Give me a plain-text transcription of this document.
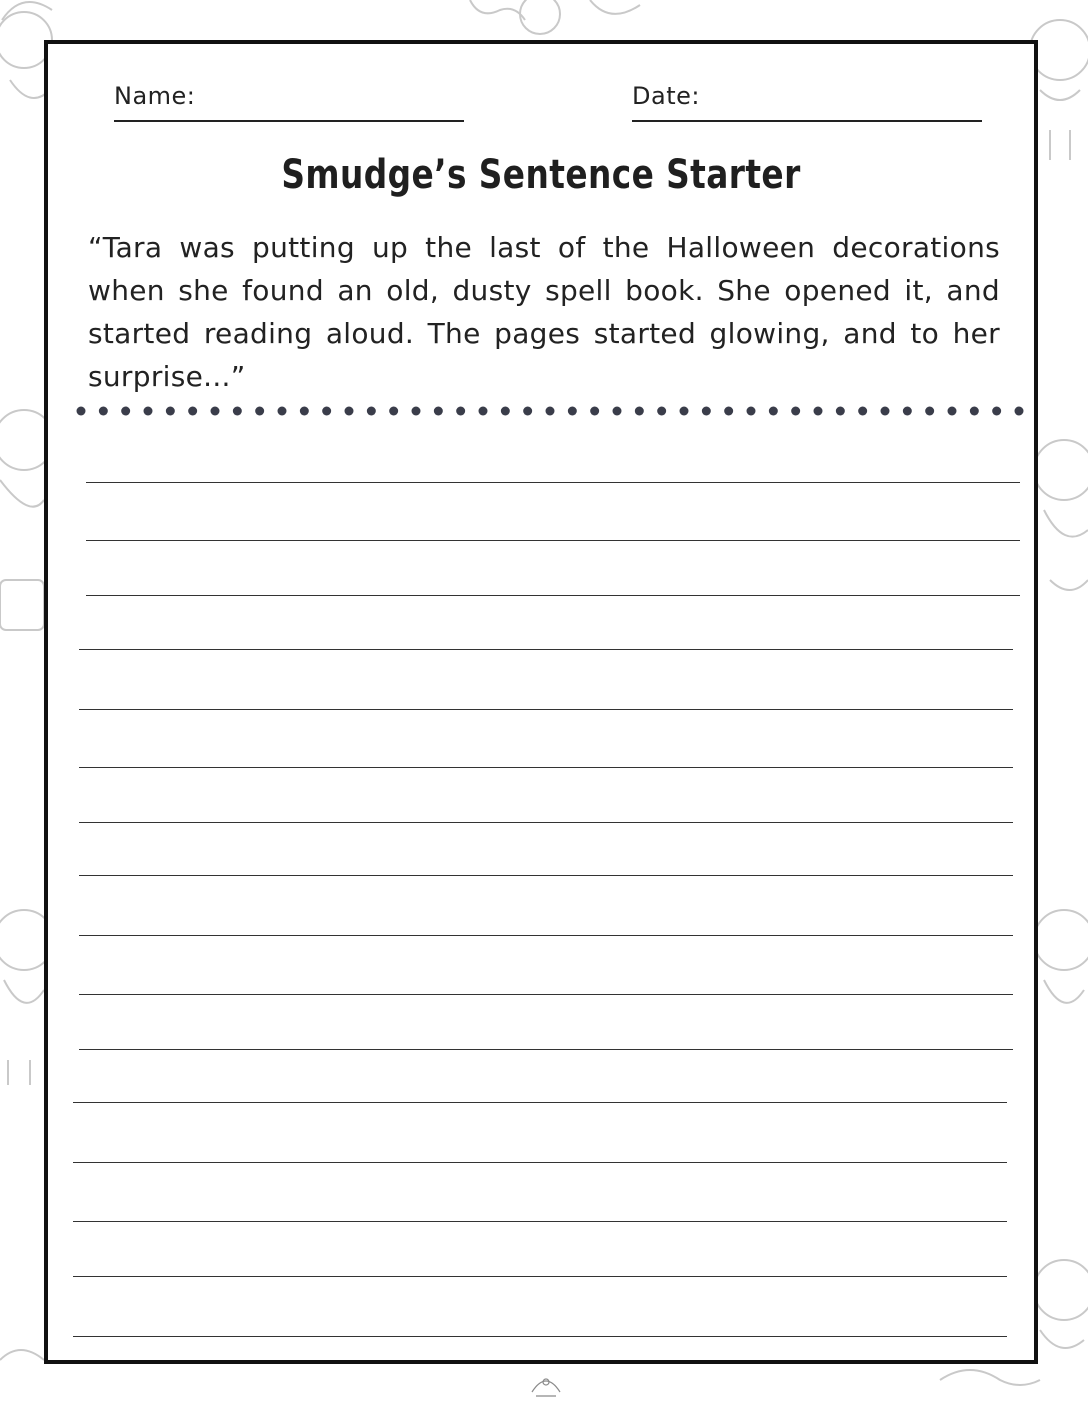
Name:	Date:
Smudge’s Sentence Starter
“Tara was putting up the last of the Halloween decorations when she found an old, dusty spell book. She opened it, and started reading aloud. The pages started glowing, and to her surprise...”
